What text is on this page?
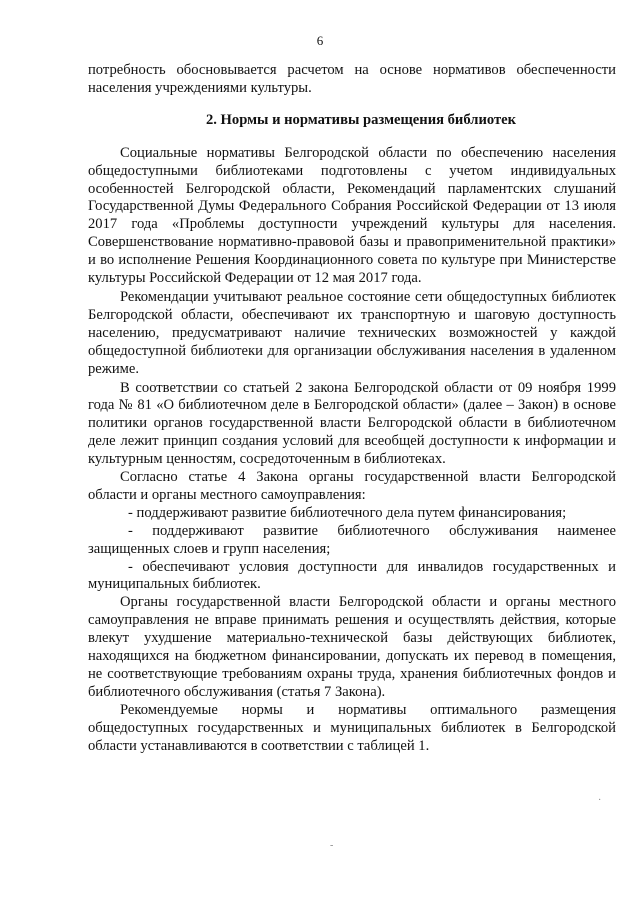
6

потребность обосновывается расчетом на основе нормативов обеспеченности населения учреждениями культуры.

2. Нормы и нормативы размещения библиотек

Социальные нормативы Белгородской области по обеспечению населения общедоступными библиотеками подготовлены с учетом индивидуальных особенностей Белгородской области, Рекомендаций парламентских слушаний Государственной Думы Федерального Собрания Российской Федерации от 13 июля 2017 года «Проблемы доступности учреждений культуры для населения. Совершенствование нормативно-правовой базы и правоприменительной практики» и во исполнение Решения Координационного совета по культуре при Министерстве культуры Российской Федерации от 12 мая 2017 года.

Рекомендации учитывают реальное состояние сети общедоступных библиотек Белгородской области, обеспечивают их транспортную и шаговую доступность населению, предусматривают наличие технических возможностей у каждой общедоступной библиотеки для организации обслуживания населения в удаленном режиме.

В соответствии со статьей 2 закона Белгородской области от 09 ноября 1999 года № 81 «О библиотечном деле в Белгородской области» (далее – Закон) в основе политики органов государственной власти Белгородской области в библиотечном деле лежит принцип создания условий для всеобщей доступности к информации и культурным ценностям, сосредоточенным в библиотеках.

Согласно статье 4 Закона органы государственной власти Белгородской области и органы местного самоуправления:

- поддерживают развитие библиотечного дела путем финансирования;

- поддерживают развитие библиотечного обслуживания наименее защищенных слоев и групп населения;

- обеспечивают условия доступности для инвалидов государственных и муниципальных библиотек.

Органы государственной власти Белгородской области и органы местного самоуправления не вправе принимать решения и осуществлять действия, которые влекут ухудшение материально-технической базы действующих библиотек, находящихся на бюджетном финансировании, допускать их перевод в помещения, не соответствующие требованиям охраны труда, хранения библиотечных фондов и библиотечного обслуживания (статья 7 Закона).

Рекомендуемые нормы и нормативы оптимального размещения общедоступных государственных и муниципальных библиотек в Белгородской области устанавливаются в соответствии с таблицей 1.

·
-
